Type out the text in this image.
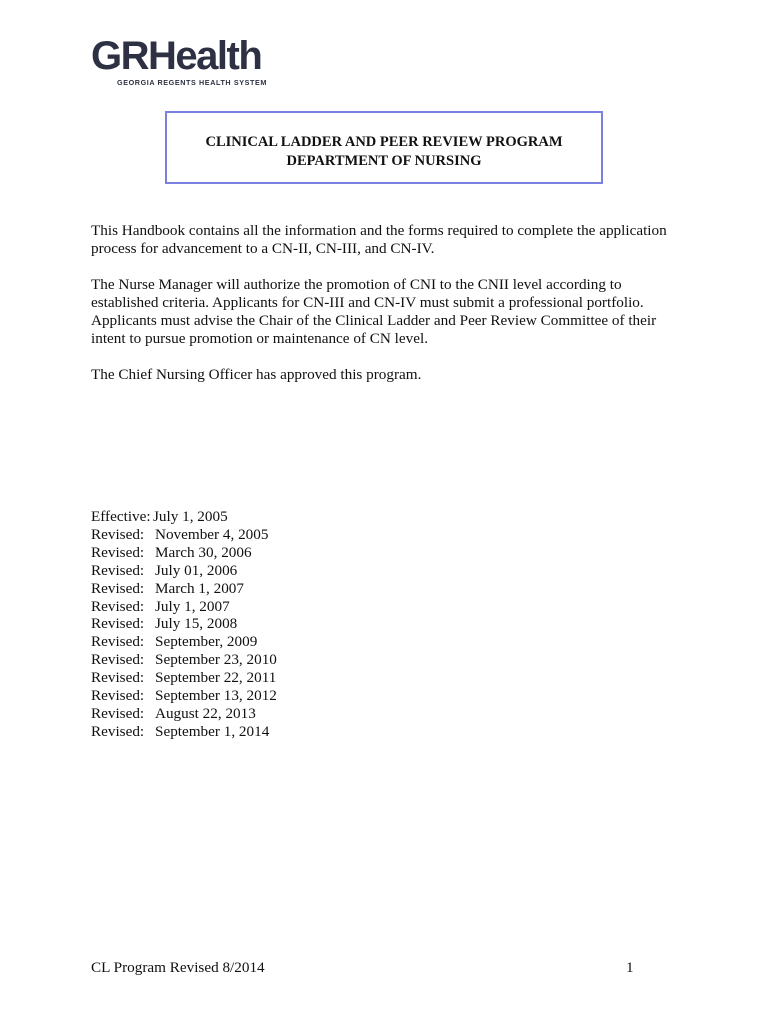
GRHealth
GEORGIA REGENTS HEALTH SYSTEM
CLINICAL LADDER AND PEER REVIEW PROGRAM
DEPARTMENT OF NURSING
This Handbook contains all the information and the forms required to complete the application
process for advancement to a CN-II, CN-III, and CN-IV.
The Nurse Manager will authorize the promotion of CNI to the CNII level according to
established criteria. Applicants for CN-III and CN-IV must submit a professional portfolio.
Applicants must advise the Chair of the Clinical Ladder and Peer Review Committee of their
intent to pursue promotion or maintenance of CN level.
The Chief Nursing Officer has approved this program.
Effective: July 1, 2005
Revised: November 4, 2005
Revised: March 30, 2006
Revised: July 01, 2006
Revised: March 1, 2007
Revised: July 1, 2007
Revised: July 15, 2008
Revised: September, 2009
Revised: September 23, 2010
Revised: September 22, 2011
Revised: September 13, 2012
Revised: August 22, 2013
Revised: September 1, 2014
CL Program Revised 8/2014	1
